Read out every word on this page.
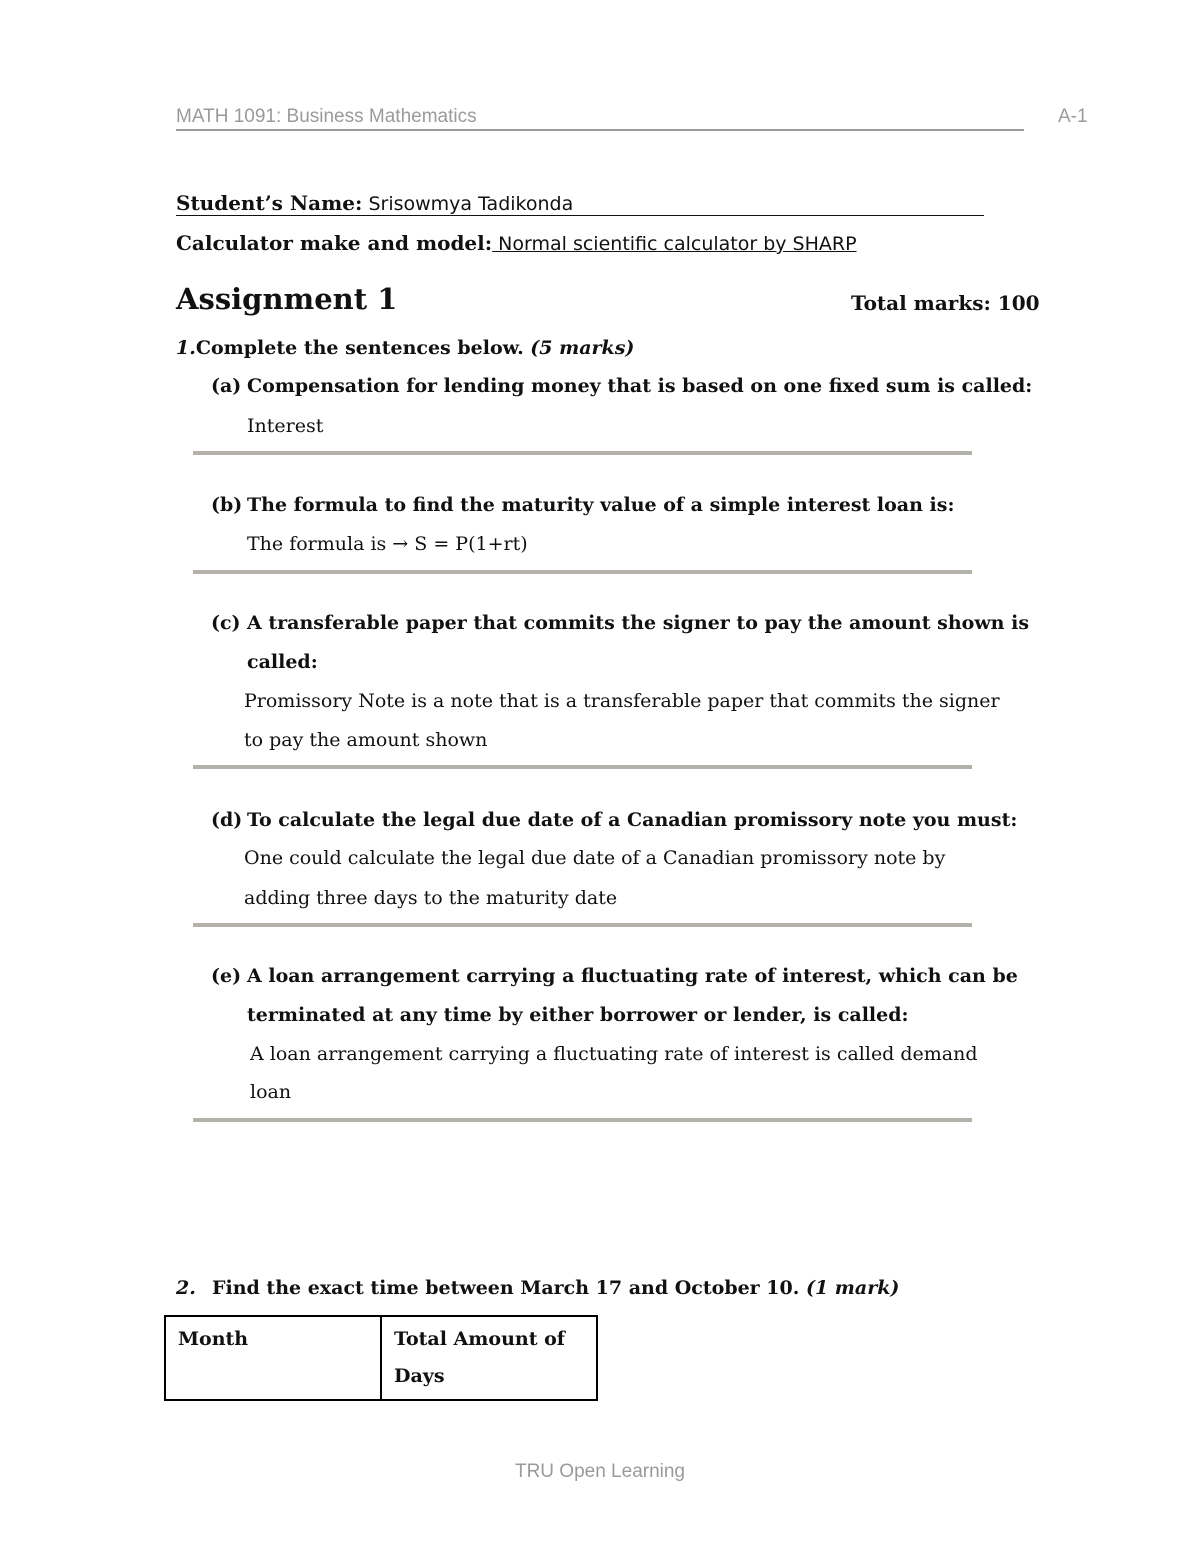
MATH 1091: Business Mathematics	A-1
Student’s Name: Srisowmya Tadikonda
Calculator make and model: Normal scientific calculator by SHARP
Assignment 1	Total marks: 100
1.Complete the sentences below. (5 marks)
(a) Compensation for lending money that is based on one fixed sum is called:
Interest
(b) The formula to find the maturity value of a simple interest loan is:
The formula is → S = P(1+rt)
(c) A transferable paper that commits the signer to pay the amount shown is
called:
Promissory Note is a note that is a transferable paper that commits the signer
to pay the amount shown
(d) To calculate the legal due date of a Canadian promissory note you must:
One could calculate the legal due date of a Canadian promissory note by
adding three days to the maturity date
(e) A loan arrangement carrying a fluctuating rate of interest, which can be
terminated at any time by either borrower or lender, is called:
A loan arrangement carrying a fluctuating rate of interest is called demand
loan
2. Find the exact time between March 17 and October 10. (1 mark)
Month	Total Amount of Days
TRU Open Learning
